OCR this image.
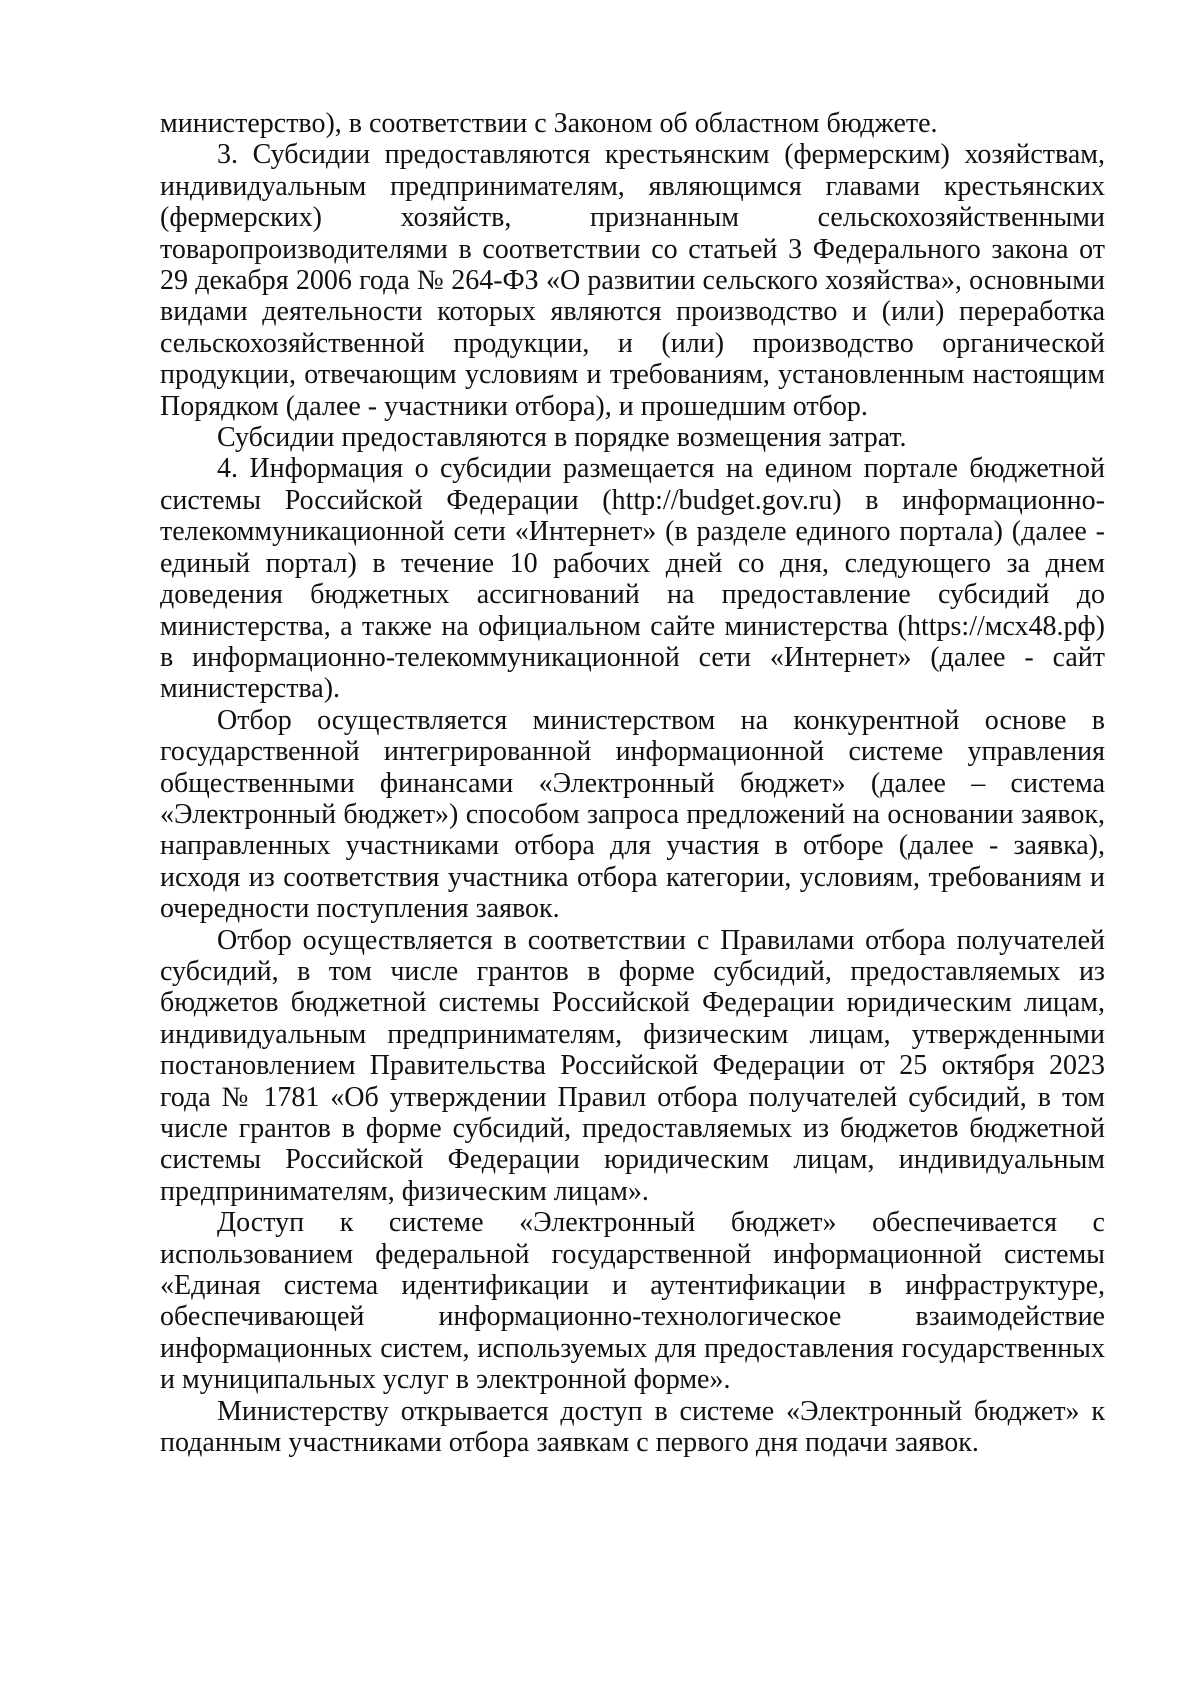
министерство), в соответствии с Законом об областном бюджете.

3. Субсидии предоставляются крестьянским (фермерским) хозяйствам, индивидуальным предпринимателям, являющимся главами крестьянских (фермерских) хозяйств, признанным сельскохозяйственными товаропроизводителями в соответствии со статьей 3 Федерального закона от 29 декабря 2006 года № 264-ФЗ «О развитии сельского хозяйства», основными видами деятельности которых являются производство и (или) переработка сельскохозяйственной продукции, и (или) производство органической продукции, отвечающим условиям и требованиям, установленным настоящим Порядком (далее - участники отбора), и прошедшим отбор.

Субсидии предоставляются в порядке возмещения затрат.

4. Информация о субсидии размещается на едином портале бюджетной системы Российской Федерации (http://budget.gov.ru) в информационно-телекоммуникационной сети «Интернет» (в разделе единого портала) (далее - единый портал) в течение 10 рабочих дней со дня, следующего за днем доведения бюджетных ассигнований на предоставление субсидий до министерства, а также на официальном сайте министерства (https://мсх48.рф) в информационно-телекоммуникационной сети «Интернет» (далее - сайт министерства).

Отбор осуществляется министерством на конкурентной основе в государственной интегрированной информационной системе управления общественными финансами «Электронный бюджет» (далее – система «Электронный бюджет») способом запроса предложений на основании заявок, направленных участниками отбора для участия в отборе (далее - заявка), исходя из соответствия участника отбора категории, условиям, требованиям и очередности поступления заявок.

Отбор осуществляется в соответствии с Правилами отбора получателей субсидий, в том числе грантов в форме субсидий, предоставляемых из бюджетов бюджетной системы Российской Федерации юридическим лицам, индивидуальным предпринимателям, физическим лицам, утвержденными постановлением Правительства Российской Федерации от 25 октября 2023 года № 1781 «Об утверждении Правил отбора получателей субсидий, в том числе грантов в форме субсидий, предоставляемых из бюджетов бюджетной системы Российской Федерации юридическим лицам, индивидуальным предпринимателям, физическим лицам».

Доступ к системе «Электронный бюджет» обеспечивается с использованием федеральной государственной информационной системы «Единая система идентификации и аутентификации в инфраструктуре, обеспечивающей информационно-технологическое взаимодействие информационных систем, используемых для предоставления государственных и муниципальных услуг в электронной форме».

Министерству открывается доступ в системе «Электронный бюджет» к поданным участниками отбора заявкам с первого дня подачи заявок.
